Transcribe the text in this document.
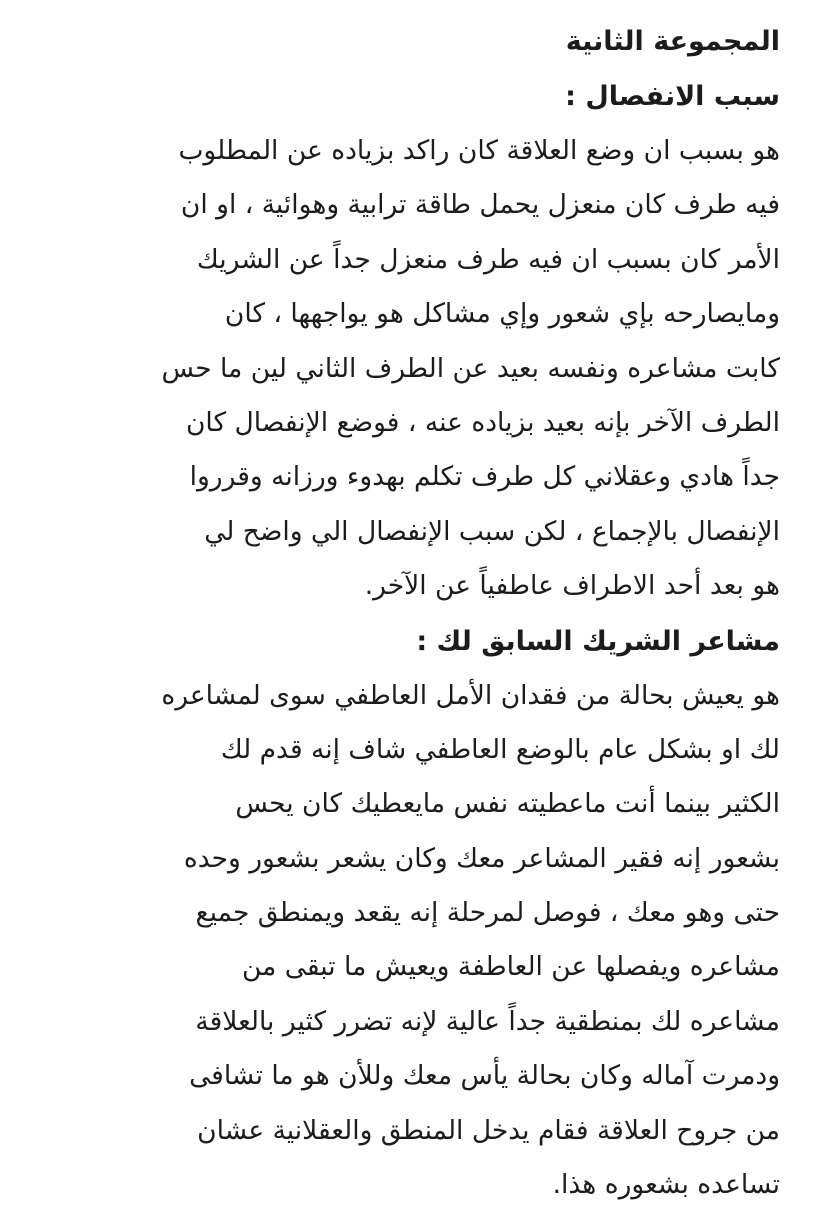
المجموعة الثانية
سبب الانفصال :
هو بسبب ان وضع العلاقة كان راكد بزياده عن المطلوب
فيه طرف كان منعزل يحمل طاقة ترابية وهوائية ، او ان
الأمر كان بسبب ان فيه طرف منعزل جداً عن الشريك
ومايصارحه بإي شعور وإي مشاكل هو يواجهها ، كان
كابت مشاعره ونفسه بعيد عن الطرف الثاني لين ما حس
الطرف الآخر بإنه بعيد بزياده عنه ، فوضع الإنفصال كان
جداً هادي وعقلاني كل طرف تكلم بهدوء ورزانه وقرروا
الإنفصال بالإجماع ، لكن سبب الإنفصال الي واضح لي
هو بعد أحد الاطراف عاطفياً عن الآخر.
مشاعر الشريك السابق لك :
هو يعيش بحالة من فقدان الأمل العاطفي سوى لمشاعره
لك او بشكل عام بالوضع العاطفي شاف إنه قدم لك
الكثير بينما أنت ماعطيته نفس مايعطيك كان يحس
بشعور إنه فقير المشاعر معك وكان يشعر بشعور وحده
حتى وهو معك ، فوصل لمرحلة إنه يقعد ويمنطق جميع
مشاعره ويفصلها عن العاطفة ويعيش ما تبقى من
مشاعره لك بمنطقية جداً عالية لإنه تضرر كثير بالعلاقة
ودمرت آماله وكان بحالة يأس معك وللأن هو ما تشافى
من جروح العلاقة فقام يدخل المنطق والعقلانية عشان
تساعده بشعوره هذا.
